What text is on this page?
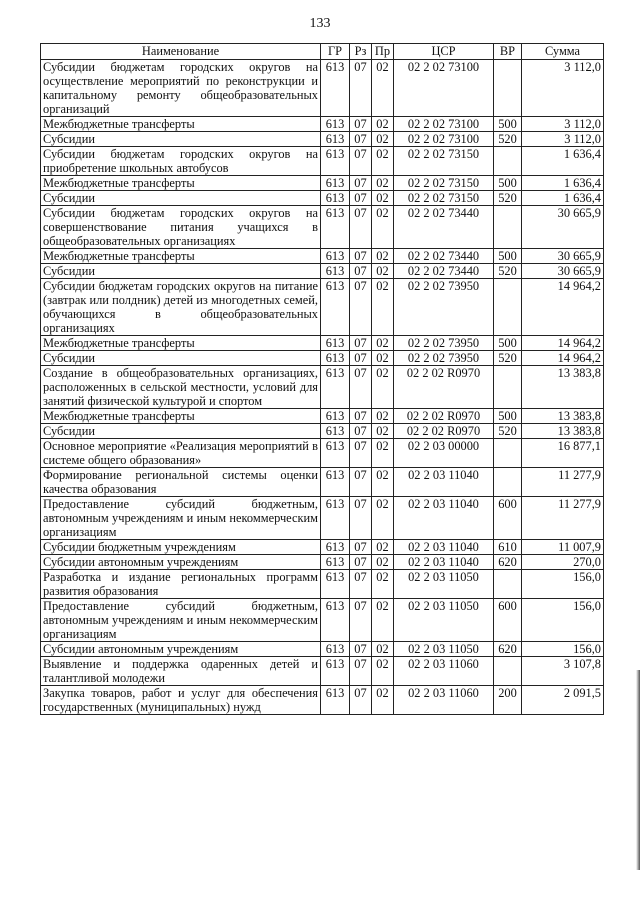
133
Наименование	ГР	Рз	Пр	ЦСР	ВР	Сумма
Субсидии бюджетам городских округов на осуществление мероприятий по реконструкции и капитальному ремонту общеобразовательных организаций	613	07	02	02 2 02 73100		3 112,0
Межбюджетные трансферты	613	07	02	02 2 02 73100	500	3 112,0
Субсидии	613	07	02	02 2 02 73100	520	3 112,0
Субсидии бюджетам городских округов на приобретение школьных автобусов	613	07	02	02 2 02 73150		1 636,4
Межбюджетные трансферты	613	07	02	02 2 02 73150	500	1 636,4
Субсидии	613	07	02	02 2 02 73150	520	1 636,4
Субсидии бюджетам городских округов на совершенствование питания учащихся в общеобразовательных организациях	613	07	02	02 2 02 73440		30 665,9
Межбюджетные трансферты	613	07	02	02 2 02 73440	500	30 665,9
Субсидии	613	07	02	02 2 02 73440	520	30 665,9
Субсидии бюджетам городских округов на питание (завтрак или полдник) детей из многодетных семей, обучающихся в общеобразовательных организациях	613	07	02	02 2 02 73950		14 964,2
Межбюджетные трансферты	613	07	02	02 2 02 73950	500	14 964,2
Субсидии	613	07	02	02 2 02 73950	520	14 964,2
Создание в общеобразовательных организациях, расположенных в сельской местности, условий для занятий физической культурой и спортом	613	07	02	02 2 02 R0970		13 383,8
Межбюджетные трансферты	613	07	02	02 2 02 R0970	500	13 383,8
Субсидии	613	07	02	02 2 02 R0970	520	13 383,8
Основное мероприятие «Реализация мероприятий в системе общего образования»	613	07	02	02 2 03 00000		16 877,1
Формирование региональной системы оценки качества образования	613	07	02	02 2 03 11040		11 277,9
Предоставление субсидий бюджетным, автономным учреждениям и иным некоммерческим организациям	613	07	02	02 2 03 11040	600	11 277,9
Субсидии бюджетным учреждениям	613	07	02	02 2 03 11040	610	11 007,9
Субсидии автономным учреждениям	613	07	02	02 2 03 11040	620	270,0
Разработка и издание региональных программ развития образования	613	07	02	02 2 03 11050		156,0
Предоставление субсидий бюджетным, автономным учреждениям и иным некоммерческим организациям	613	07	02	02 2 03 11050	600	156,0
Субсидии автономным учреждениям	613	07	02	02 2 03 11050	620	156,0
Выявление и поддержка одаренных детей и талантливой молодежи	613	07	02	02 2 03 11060		3 107,8
Закупка товаров, работ и услуг для обеспечения государственных (муниципальных) нужд	613	07	02	02 2 03 11060	200	2 091,5
